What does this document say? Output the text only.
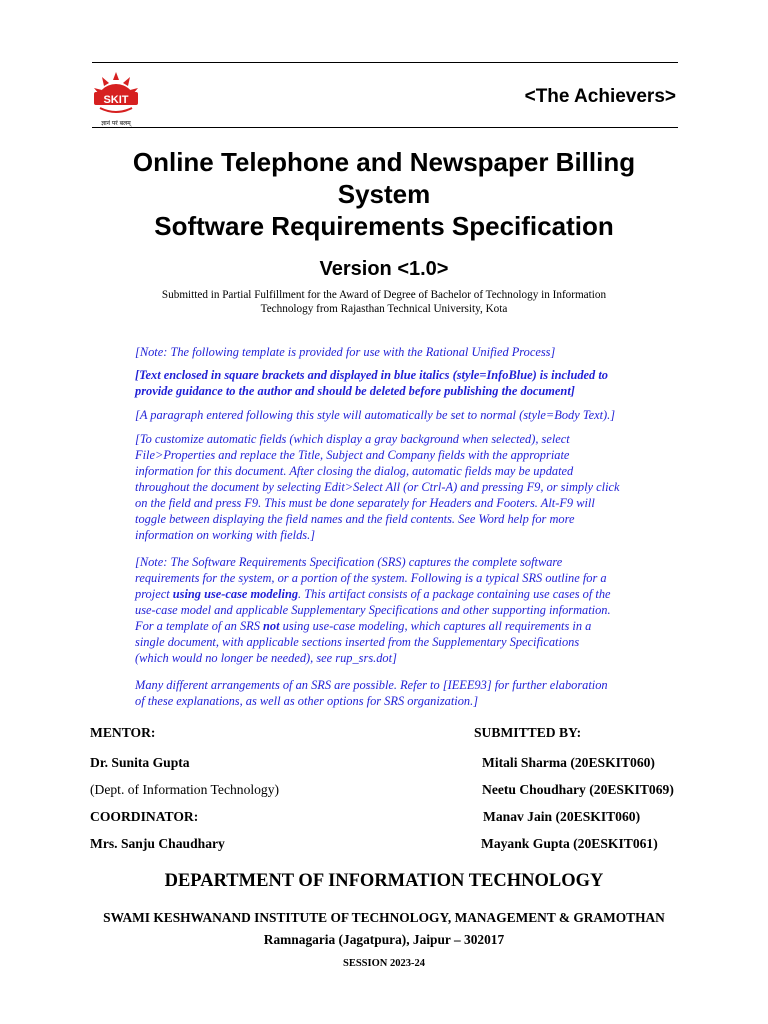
SKIT
ज्ञानं परं बलम्
<The Achievers>
Online Telephone and Newspaper Billing
System
Software Requirements Specification
Version <1.0>
Submitted in Partial Fulfillment for the Award of Degree of Bachelor of Technology in Information
Technology from Rajasthan Technical University, Kota

[Note: The following template is provided for use with the Rational Unified Process]

[Text enclosed in square brackets and displayed in blue italics (style=InfoBlue) is included to
provide guidance to the author and should be deleted before publishing the document]

[A paragraph entered following this style will automatically be set to normal (style=Body Text).]

[To customize automatic fields (which display a gray background when selected), select
File>Properties and replace the Title, Subject and Company fields with the appropriate
information for this document. After closing the dialog, automatic fields may be updated
throughout the document by selecting Edit>Select All (or Ctrl-A) and pressing F9, or simply click
on the field and press F9. This must be done separately for Headers and Footers. Alt-F9 will
toggle between displaying the field names and the field contents. See Word help for more
information on working with fields.]

[Note: The Software Requirements Specification (SRS) captures the complete software
requirements for the system, or a portion of the system. Following is a typical SRS outline for a
project using use-case modeling. This artifact consists of a package containing use cases of the
use-case model and applicable Supplementary Specifications and other supporting information.
For a template of an SRS not using use-case modeling, which captures all requirements in a
single document, with applicable sections inserted from the Supplementary Specifications
(which would no longer be needed), see rup_srs.dot]

Many different arrangements of an SRS are possible. Refer to [IEEE93] for further elaboration
of these explanations, as well as other options for SRS organization.]

MENTOR:	SUBMITTED BY:
Dr. Sunita Gupta	Mitali Sharma (20ESKIT060)
(Dept. of Information Technology)	Neetu Choudhary (20ESKIT069)
COORDINATOR:	Manav Jain (20ESKIT060)
Mrs. Sanju Chaudhary	Mayank Gupta (20ESKIT061)
DEPARTMENT OF INFORMATION TECHNOLOGY
SWAMI KESHWANAND INSTITUTE OF TECHNOLOGY, MANAGEMENT & GRAMOTHAN
Ramnagaria (Jagatpura), Jaipur – 302017
SESSION 2023-24
